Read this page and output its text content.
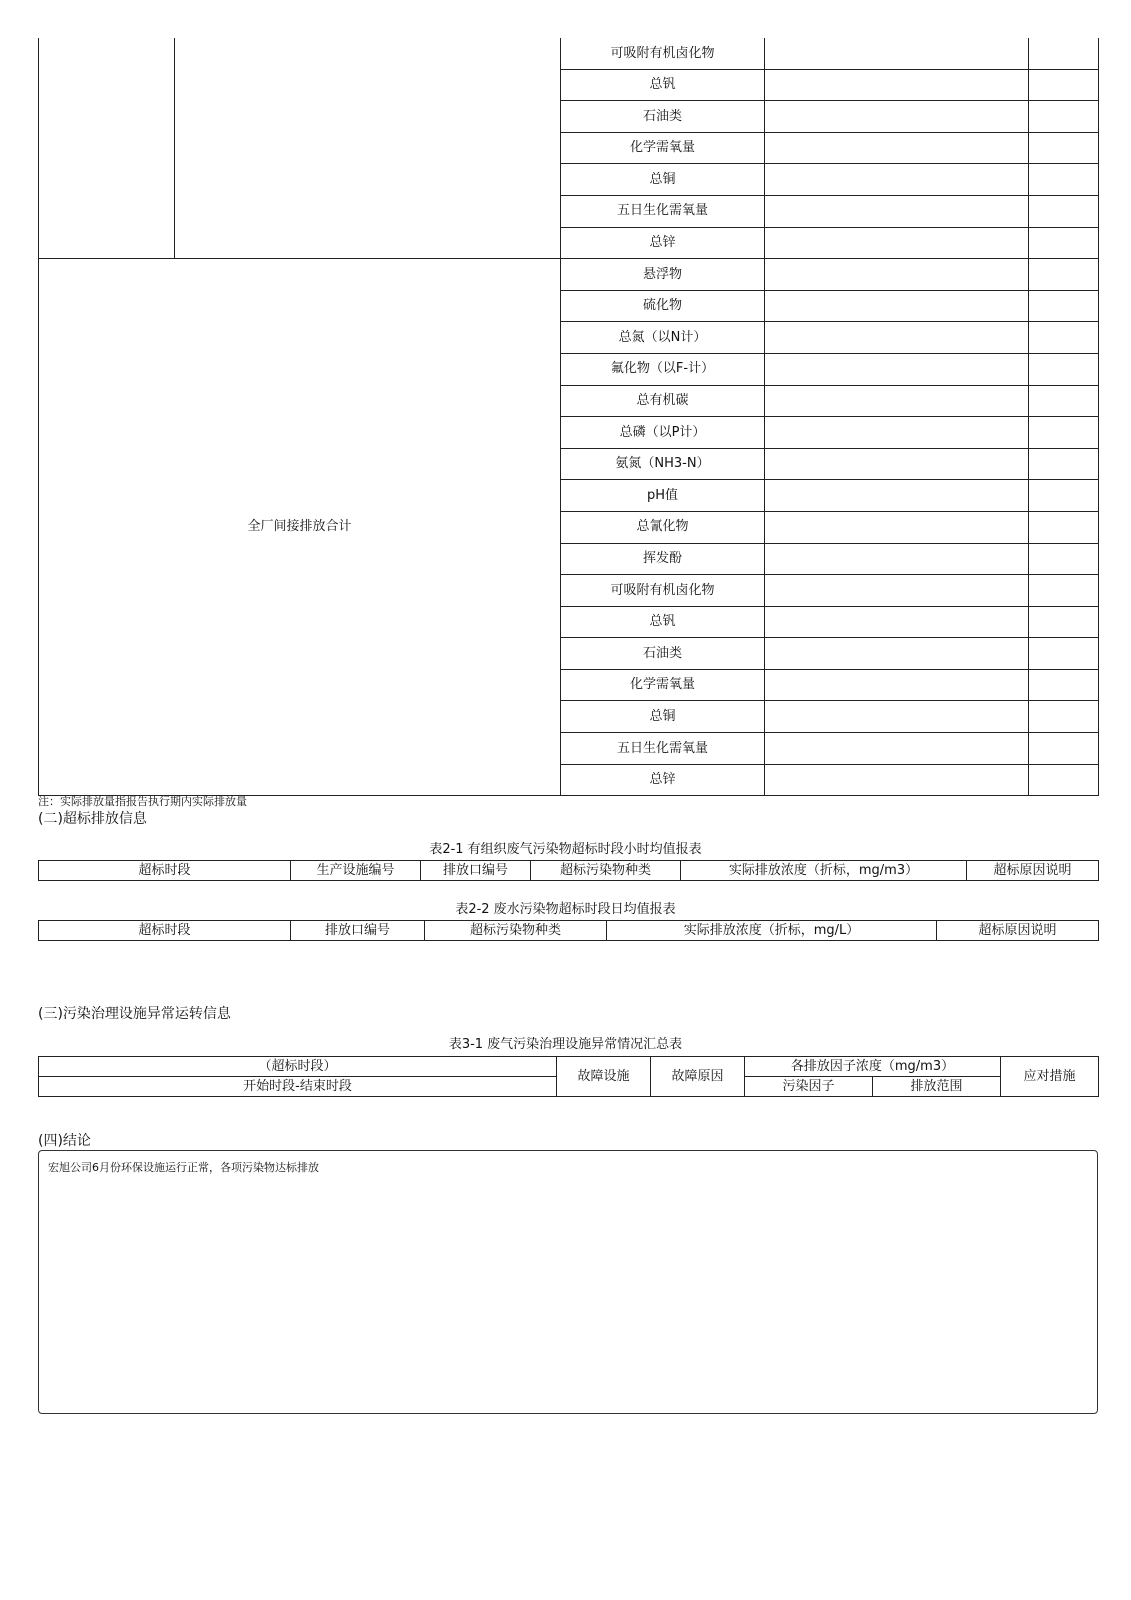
		可吸附有机卤化物		
		总钒		
		石油类		
		化学需氧量		
		总铜		
		五日生化需氧量		
		总锌		
全厂间接排放合计		悬浮物		
		硫化物		
		总氮（以N计）		
		氟化物（以F-计）		
		总有机碳		
		总磷（以P计）		
		氨氮（NH3-N）		
		pH值		
		总氰化物		
		挥发酚		
		可吸附有机卤化物		
		总钒		
		石油类		
		化学需氧量		
		总铜		
		五日生化需氧量		
		总锌		
注：实际排放量指报告执行期内实际排放量
(二)超标排放信息
表2-1 有组织废气污染物超标时段小时均值报表
超标时段	生产设施编号	排放口编号	超标污染物种类	实际排放浓度（折标，mg/m3）	超标原因说明
表2-2 废水污染物超标时段日均值报表
超标时段	排放口编号	超标污染物种类	实际排放浓度（折标，mg/L）	超标原因说明
(三)污染治理设施异常运转信息
表3-1 废气污染治理设施异常情况汇总表
（超标时段）	故障设施	故障原因	各排放因子浓度（mg/m3）		应对措施
开始时段-结束时段			污染因子	排放范围	
(四)结论
宏旭公司6月份环保设施运行正常，各项污染物达标排放
